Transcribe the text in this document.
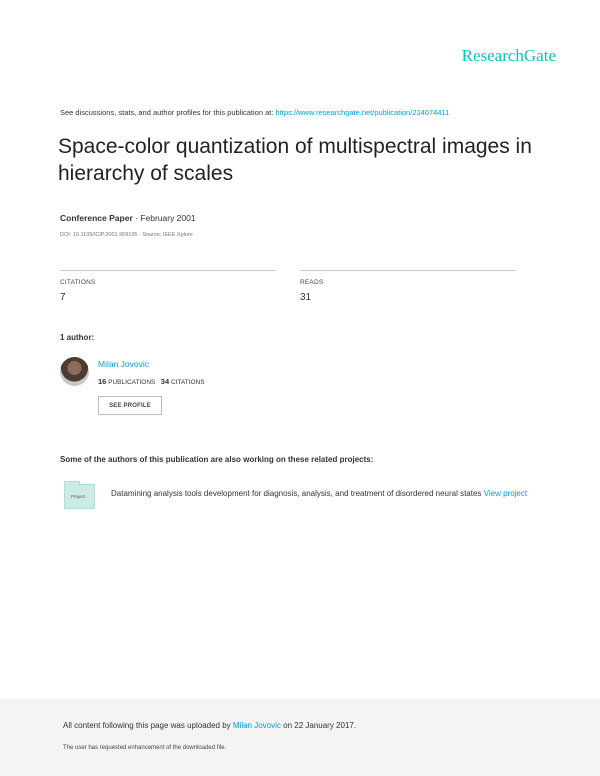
ResearchGate
See discussions, stats, and author profiles for this publication at: https://www.researchgate.net/publication/224074411
Space-color quantization of multispectral images in hierarchy of scales
Conference Paper · February 2001
DOI: 10.1109/ICIP.2001.959195 · Source: IEEE Xplore
CITATIONS
7
READS
31
1 author:
Milan Jovovic
16 PUBLICATIONS 34 CITATIONS
SEE PROFILE
Some of the authors of this publication are also working on these related projects:
Project	Datamining analysis tools development for diagnosis, analysis, and treatment of disordered neural states View project
All content following this page was uploaded by Milan Jovovic on 22 January 2017.
The user has requested enhancement of the downloaded file.
